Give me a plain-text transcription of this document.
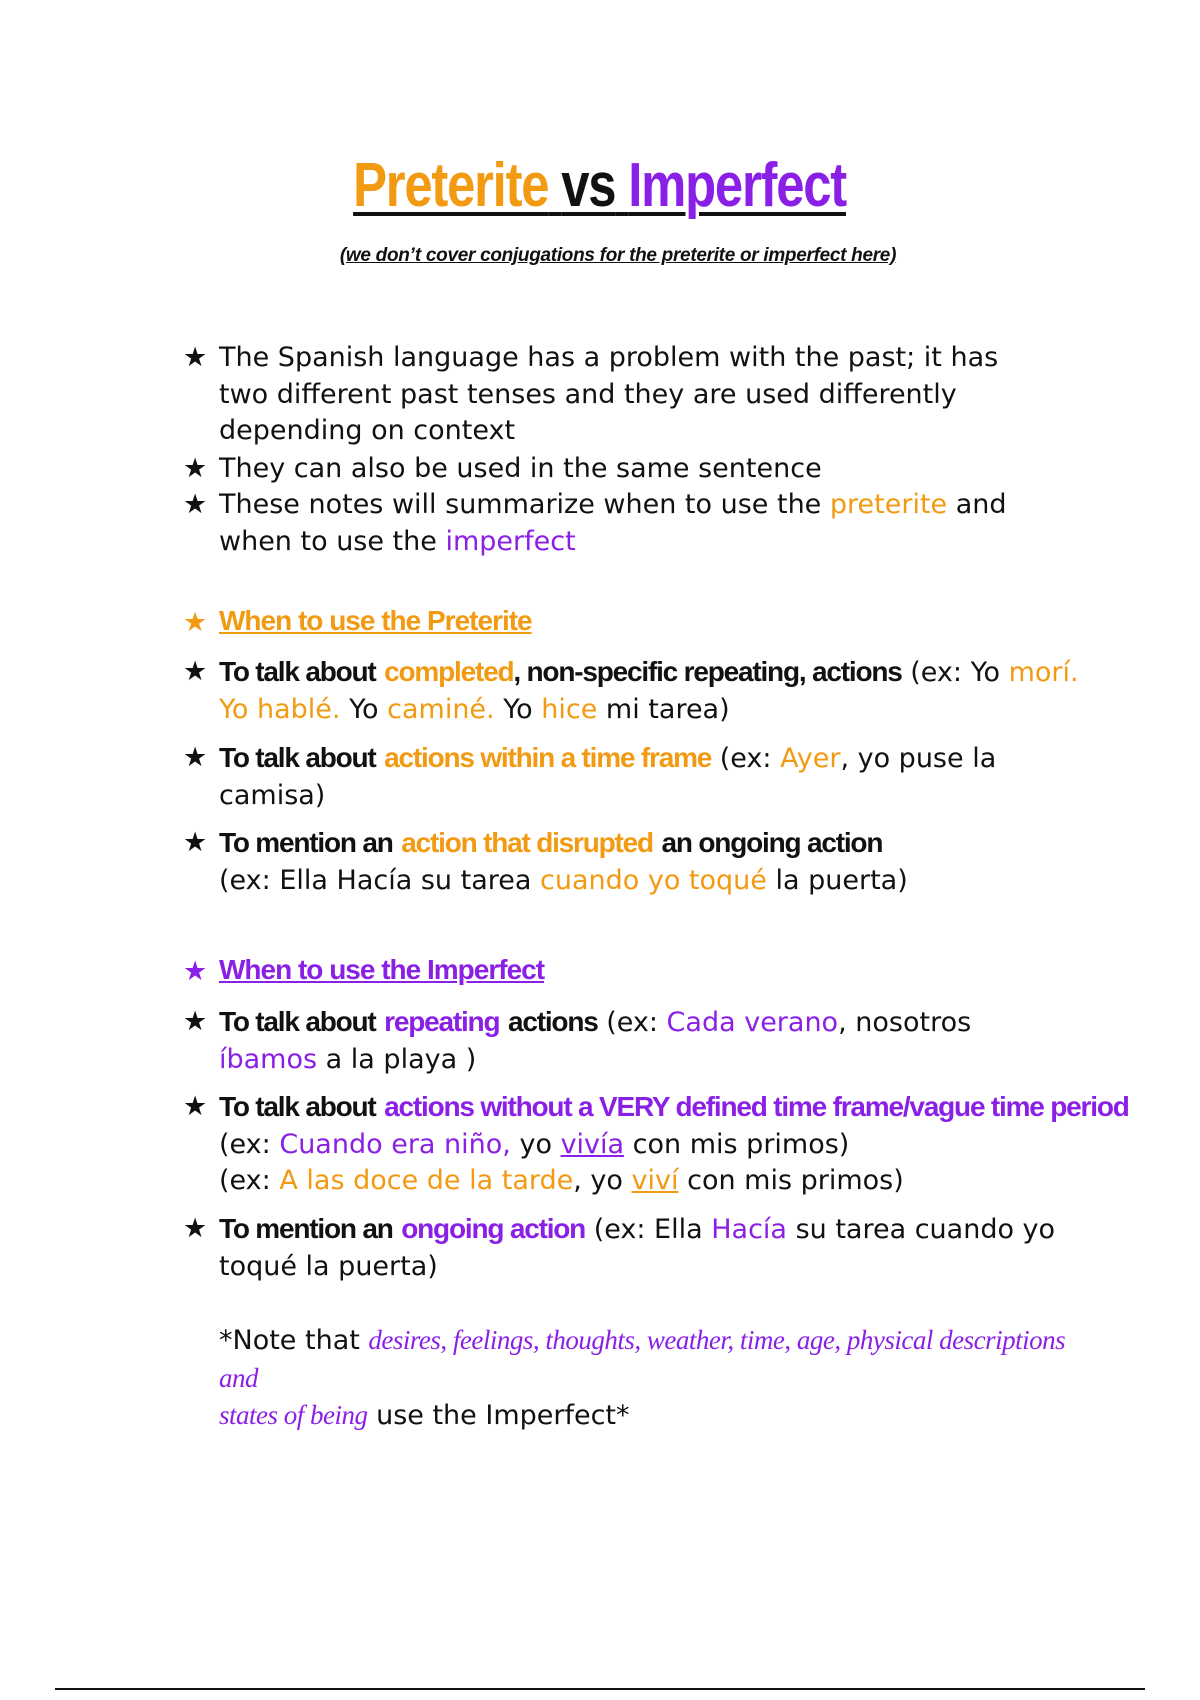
Preterite vs Imperfect
(we don’t cover conjugations for the preterite or imperfect here)
★ The Spanish language has a problem with the past; it has
two different past tenses and they are used differently
depending on context
★ They can also be used in the same sentence
★ These notes will summarize when to use the preterite and
when to use the imperfect
★ When to use the Preterite
★ To talk about completed, non-specific repeating, actions (ex: Yo morí.
Yo hablé. Yo caminé. Yo hice mi tarea)
★ To talk about actions within a time frame (ex: Ayer, yo puse la
camisa)
★ To mention an action that disrupted an ongoing action
(ex: Ella Hacía su tarea cuando yo toqué la puerta)
★ When to use the Imperfect
★ To talk about repeating actions (ex: Cada verano, nosotros
íbamos a la playa )
★ To talk about actions without a VERY defined time frame/vague time period
(ex: Cuando era niño, yo vivía con mis primos)
(ex: A las doce de la tarde, yo viví con mis primos)
★ To mention an ongoing action (ex: Ella Hacía su tarea cuando yo
toqué la puerta)
*Note that desires, feelings, thoughts, weather, time, age, physical descriptions and
states of being use the Imperfect*
